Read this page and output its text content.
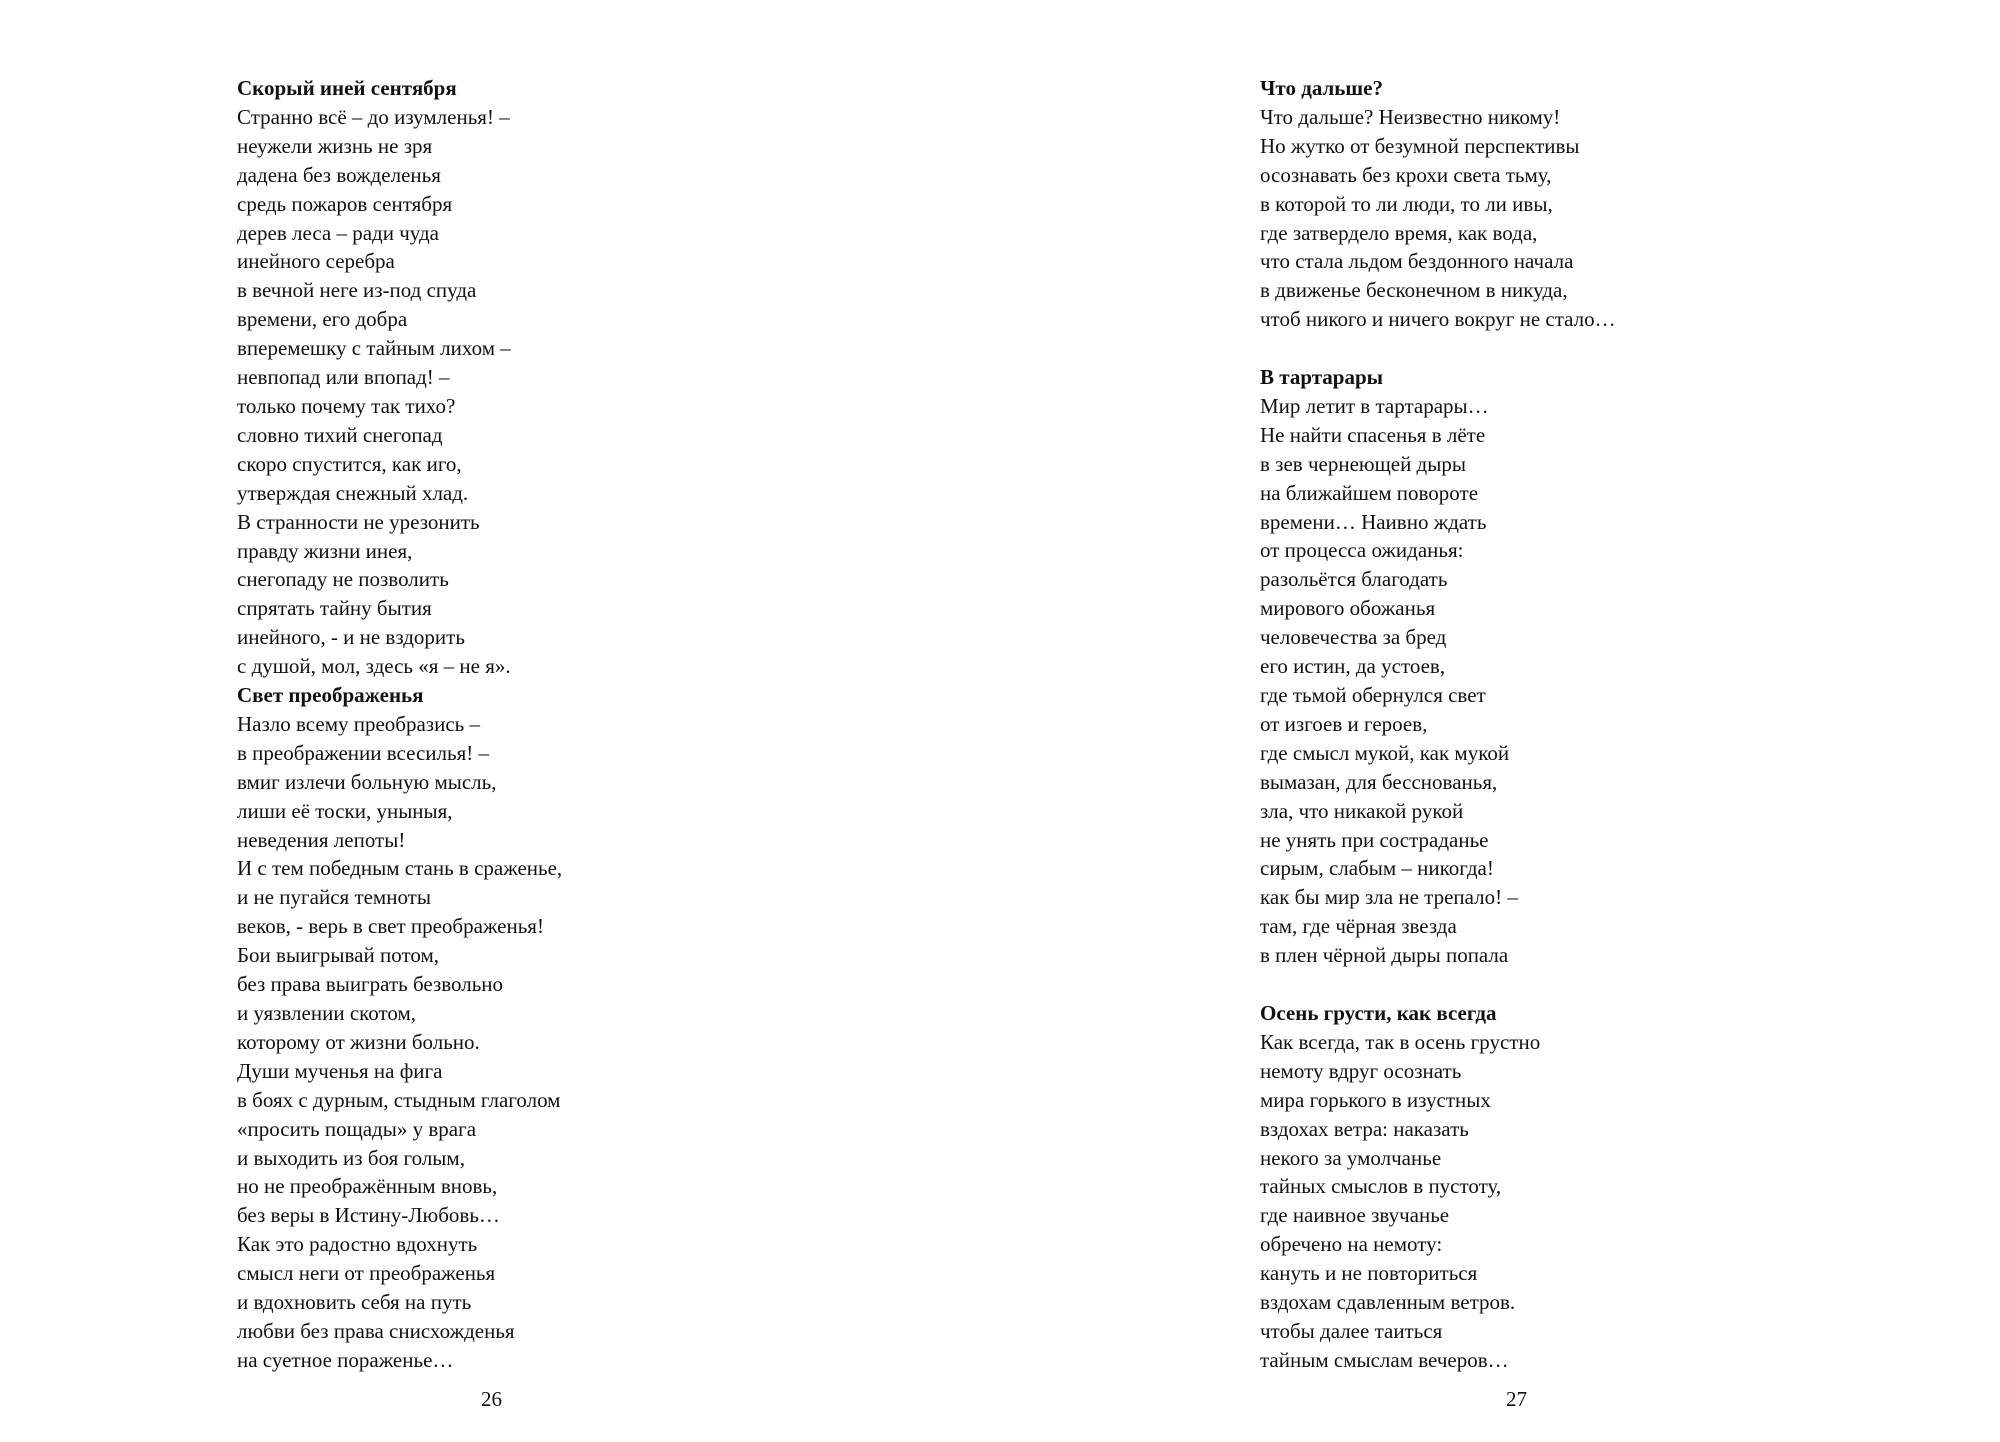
Скорый иней сентября
Странно всё – до изумленья! –
неужели жизнь не зря
дадена без вожделенья
средь пожаров сентября
дерев леса – ради чуда
инейного серебра
в вечной неге из-под спуда
времени, его добра
вперемешку с тайным лихом –
невпопад или впопад! –
только почему так тихо?
словно тихий снегопад
скоро спустится, как иго,
утверждая снежный хлад.
В странности не урезонить
правду жизни инея,
снегопаду не позволить
спрятать тайну бытия
инейного, - и не вздорить
с душой, мол, здесь «я – не я».
Свет преображенья
Назло всему преобразись –
в преображении всесилья! –
вмиг излечи больную мысль,
лиши её тоски, уныныя,
неведения лепоты!
И с тем победным стань в сраженье,
и не пугайся темноты
веков, - верь в свет преображенья!
Бои выигрывай потом,
без права выиграть безвольно
и уязвлении скотом,
которому от жизни больно.
Души мученья на фига
в боях с дурным, стыдным глаголом
«просить пощады» у врага
и выходить из боя голым,
но не преображённым вновь,
без веры в Истину-Любовь…
Как это радостно вдохнуть
смысл неги от преображенья
и вдохновить себя на путь
любви без права снисхожденья
на суетное пораженье…
26
Что дальше?
Что дальше? Неизвестно никому!
Но жутко от безумной перспективы
осознавать без крохи света тьму,
в которой то ли люди, то ли ивы,
где затвердело время, как вода,
что стала льдом бездонного начала
в движенье бесконечном в никуда,
чтоб никого и ничего вокруг не стало…
В тартарары
Мир летит в тартарары…
Не найти спасенья в лёте
в зев чернеющей дыры
на ближайшем повороте
времени… Наивно ждать
от процесса ожиданья:
разольётся благодать
мирового обожанья
человечества за бред
его истин, да устоев,
где тьмой обернулся свет
от изгоев и героев,
где смысл мукой, как мукой
вымазан, для бесснованья,
зла, что никакой рукой
не унять при состраданье
сирым, слабым – никогда!
как бы мир зла не трепало! –
там, где чёрная звезда
в плен чёрной дыры попала
Осень грусти, как всегда
Как всегда, так в осень грустно
немоту вдруг осознать
мира горького в изустных
вздохах ветра: наказать
некого за умолчанье
тайных смыслов в пустоту,
где наивное звучанье
обречено на немоту:
кануть и не повториться
вздохам сдавленным ветров.
чтобы далее таиться
тайным смыслам вечеров…
27
